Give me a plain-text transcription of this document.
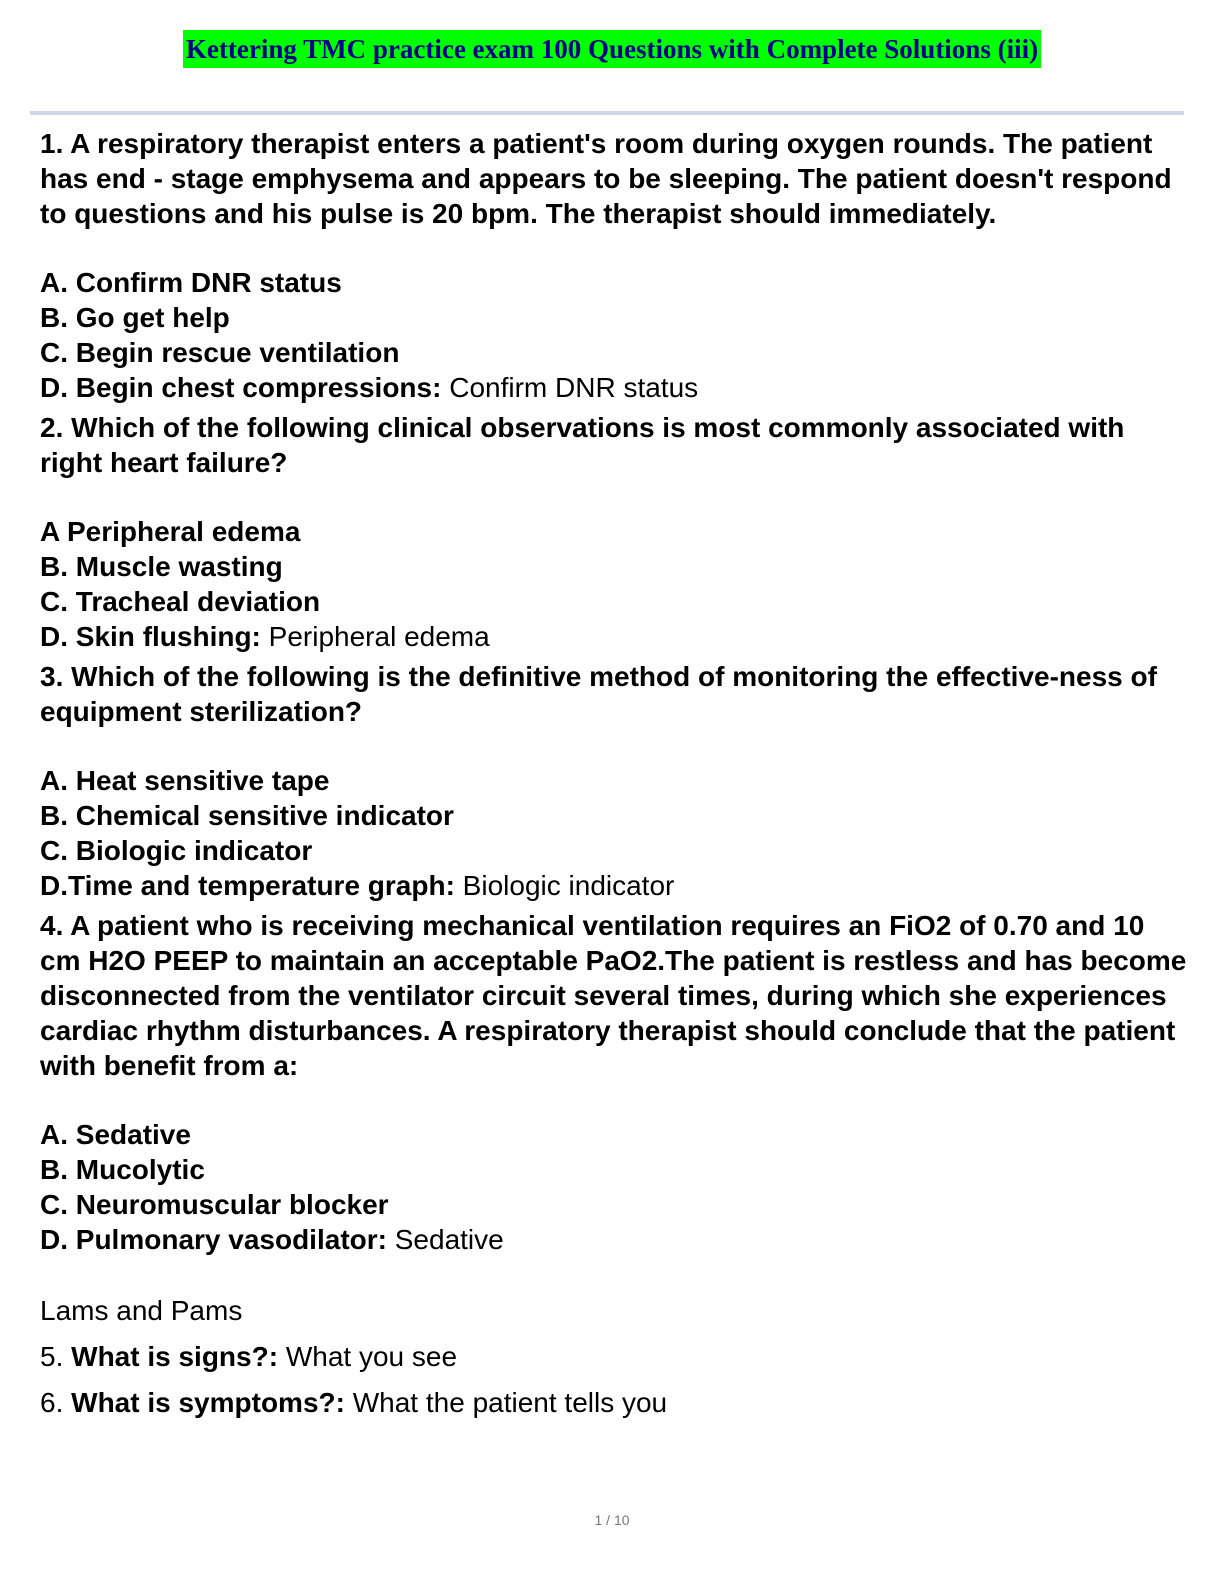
Kettering TMC practice exam 100 Questions with Complete Solutions (iii)

1. A respiratory therapist enters a patient's room during oxygen rounds. The patient has end - stage emphysema and appears to be sleeping. The patient doesn't respond to questions and his pulse is 20 bpm. The therapist should immediately.

A. Confirm DNR status
B. Go get help
C. Begin rescue ventilation
D. Begin chest compressions: Confirm DNR status

2. Which of the following clinical observations is most commonly associated with right heart failure?

A Peripheral edema
B. Muscle wasting
C. Tracheal deviation
D. Skin flushing: Peripheral edema

3. Which of the following is the definitive method of monitoring the effective-ness of equipment sterilization?

A. Heat sensitive tape
B. Chemical sensitive indicator
C. Biologic indicator
D.Time and temperature graph: Biologic indicator

4. A patient who is receiving mechanical ventilation requires an FiO2 of 0.70 and 10 cm H2O PEEP to maintain an acceptable PaO2.The patient is restless and has become disconnected from the ventilator circuit several times, during which she experiences cardiac rhythm disturbances. A respiratory therapist should conclude that the patient with benefit from a:

A. Sedative
B. Mucolytic
C. Neuromuscular blocker
D. Pulmonary vasodilator: Sedative
Lams and Pams
5. What is signs?: What you see
6. What is symptoms?: What the patient tells you
1 / 10
